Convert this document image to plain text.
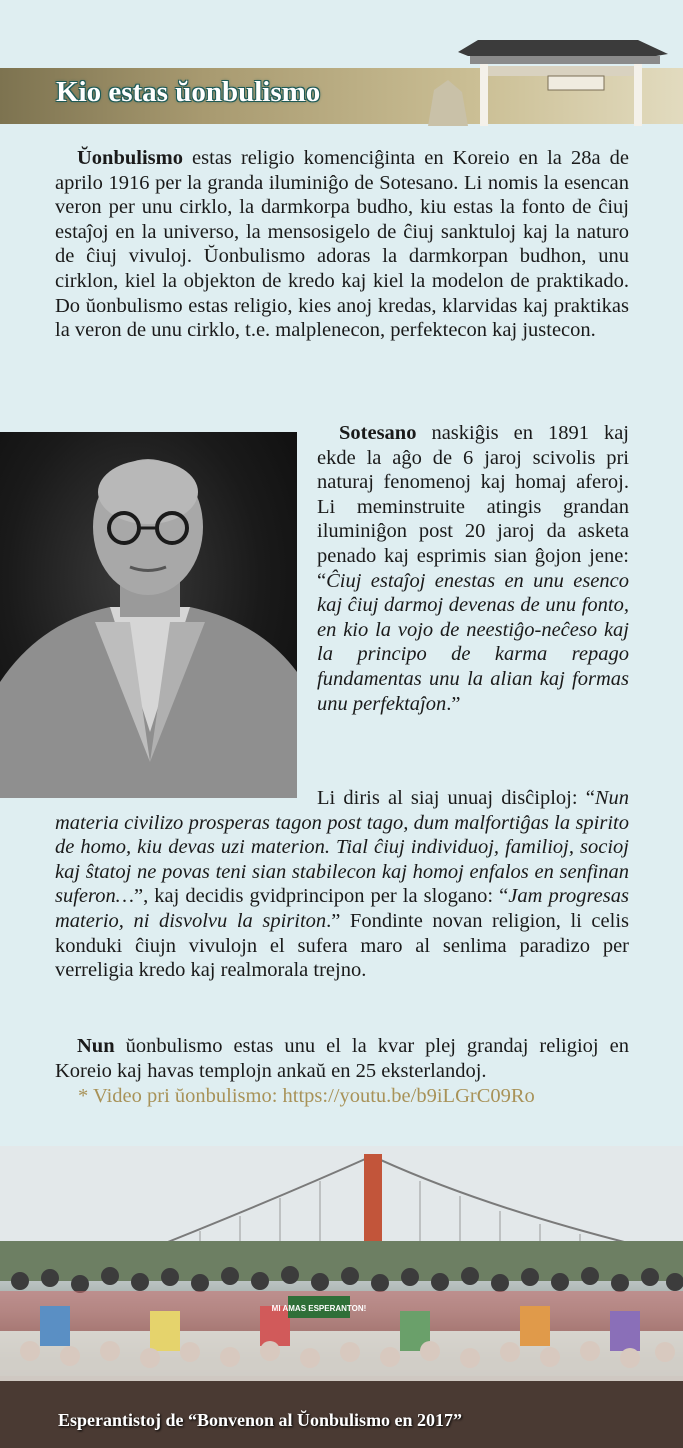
Kio estas ŭonbulismo
Ŭonbulismo estas religio komenciĝinta en Koreio en la 28a de aprilo 1916 per la granda iluminiĝo de Sotesano. Li nomis la esencan veron per unu cirklo, la darmkorpa budho, kiu estas la fonto de ĉiuj estaĵoj en la universo, la mensosigelo de ĉiuj sanktuloj kaj la naturo de ĉiuj vivuloj. Ŭonbulismo adoras la darmkorpan budhon, unu cirklon, kiel la objekton de kredo kaj kiel la modelon de praktikado. Do ŭonbulismo estas religio, kies anoj kredas, klarvidas kaj praktikas la veron de unu cirklo, t.e. malplenecon, perfektecon kaj justecon.
Sotesano naskiĝis en 1891 kaj ekde la aĝo de 6 jaroj scivolis pri naturaj fenomenoj kaj homaj aferoj. Li meminstruite atingis grandan iluminiĝon post 20 jaroj da asketa penado kaj esprimis sian ĝojon jene: “Ĉiuj estaĵoj enestas en unu esenco kaj ĉiuj darmoj devenas de unu fonto, en kio la vojo de neestiĝo-neĉeso kaj la principo de karma repago fundamentas unu la alian kaj formas unu perfektaĵon.”
Li diris al siaj unuaj disĉiploj: “Nun materia civilizo prosperas tagon post tago, dum malfortiĝas la spirito de homo, kiu devas uzi materion. Tial ĉiuj individuoj, familioj, socioj kaj ŝtatoj ne povas teni sian stabilecon kaj homoj enfalos en senfinan suferon…”, kaj decidis gvidprincipon per la slogano: “Jam progresas materio, ni disvolvu la spiriton.” Fondinte novan religion, li celis konduki ĉiujn vivulojn el sufera maro al senlima paradizo per verreligia kredo kaj realmorala trejno.
Nun ŭonbulismo estas unu el la kvar plej grandaj religioj en Koreio kaj havas templojn ankaŭ en 25 eksterlandoj.
* Video pri ŭonbulismo: https://youtu.be/b9iLGrC09Ro
MI AMAS ESPERANTON!
Esperantistoj de “Bonvenon al Ŭonbulismo en 2017”
